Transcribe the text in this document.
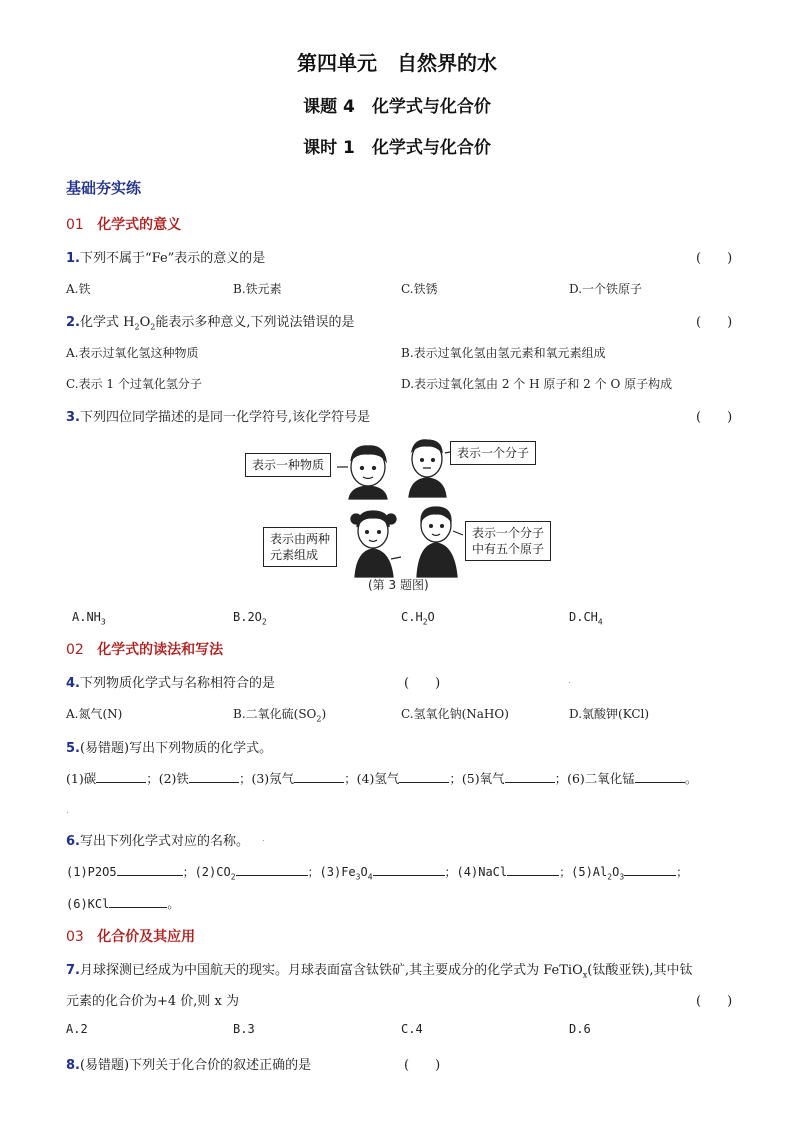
第四单元　自然界的水
课题 4　化学式与化合价
课时 1　化学式与化合价
基础夯实练
01 化学式的意义
1.下列不属于“Fe”表示的意义的是	(　　)
A.铁	B.铁元素	C.铁锈	D.一个铁原子
2.化学式 $H_2O_2$能表示多种意义,下列说法错误的是	(　　)
A.表示过氧化氢这种物质	B.表示过氧化氢由氢元素和氧元素组成
C.表示 1 个过氧化氢分子	D.表示过氧化氢由 2 个 H 原子和 2 个 O 原子构成
3.下列四位同学描述的是同一化学符号,该化学符号是	(　　)
表示一种物质
表示一个分子
表示由两种
元素组成
表示一个分子
中有五个原子
(第 3 题图)
$A.NH_3$	$B.2O_2$	$C.H_2O$	$D.CH_4$
02 化学式的读法和写法
4.下列物质化学式与名称相符合的是	(　　)	.
A.氮气(N)	B.二氧化硫$(SO_2)$	C.氢氧化钠(NaHO)	D.氯酸钾(KCl)
5.(易错题)写出下列物质的化学式。
(1)碳	；(2)铁	；(3)氖气	；(4)氢气	；(5)氧气	；(6)二氧化锰	。
.
6.写出下列化学式对应的名称。 .
(1)P2O5	；$(2)CO_2$	；$(3)Fe_3O_4$	；(4)NaCl	；$(5)Al_2O_3$	；
(6)KCl	。
03 化合价及其应用
7.月球探测已经成为中国航天的现实。月球表面富含钛铁矿,其主要成分的化学式为 FeTiO$_x$(钛酸亚铁),其中钛
元素的化合价为+4 价,则 x 为	(　　)
A.2	B.3	C.4	D.6
8.(易错题)下列关于化合价的叙述正确的是	(　　)
